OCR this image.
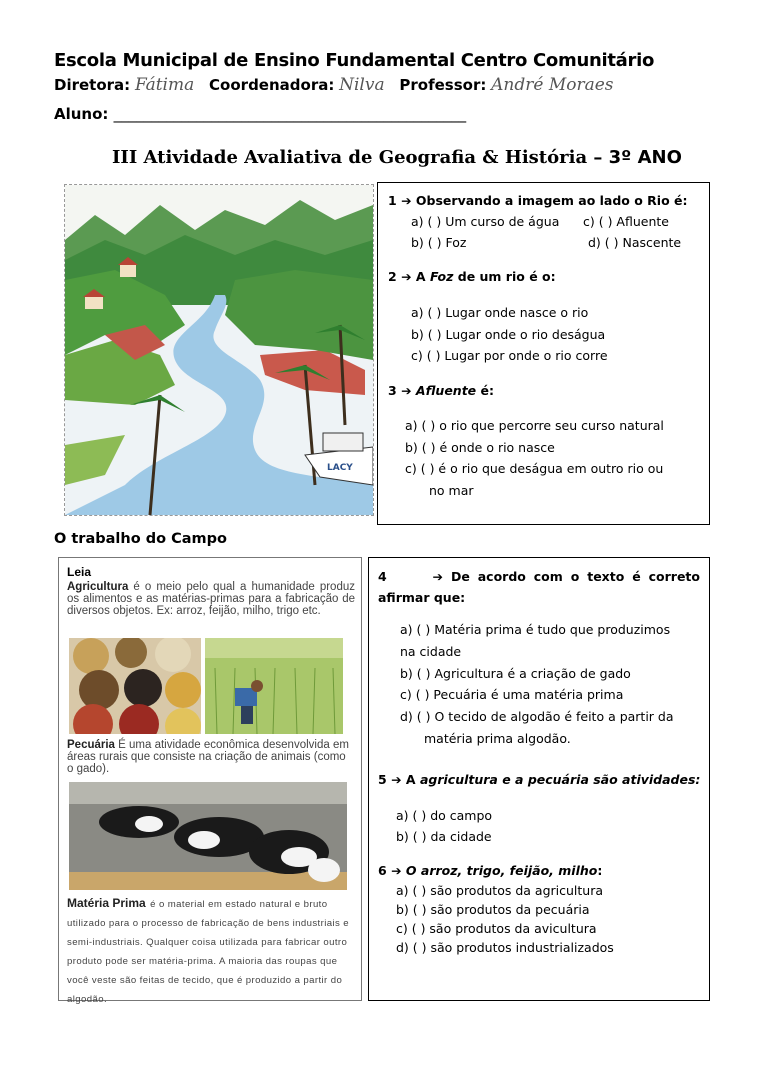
Escola Municipal de Ensino Fundamental Centro Comunitário
Diretora: Fátima Coordenadora: Nilva Professor: André Moraes
Aluno: _______________________________________________
III Atividade Avaliativa de Geografia & História – 3º ANO
LACY
1 ➔ Observando a imagem ao lado o Rio é:
a) ( ) Um curso de água c) ( ) Afluente
b) ( ) Foz	d) ( ) Nascente
2 ➔ A Foz de um rio é o:
a) ( ) Lugar onde nasce o rio
b) ( ) Lugar onde o rio deságua
c) ( ) Lugar por onde o rio corre
3 ➔ Afluente é:
a) ( ) o rio que percorre seu curso natural
b) ( ) é onde o rio nasce
c) ( ) é o rio que deságua em outro rio ou
no mar
O trabalho do Campo
Leia
Agricultura é o meio pelo qual a humanidade produz os alimentos e as matérias-primas para a fabricação de diversos objetos. Ex: arroz, feijão, milho, trigo etc.
Pecuária É uma atividade econômica desenvolvida em áreas rurais que consiste na criação de animais (como o gado).
Matéria Prima é o material em estado natural e bruto utilizado para o processo de fabricação de bens industriais e semi-industriais. Qualquer coisa utilizada para fabricar outro produto pode ser matéria-prima. A maioria das roupas que você veste são feitas de tecido, que é produzido a partir do algodão.
4	➔ De acordo com o texto é correto afirmar que:
a) ( ) Matéria prima é tudo que produzimos
na cidade
b) ( ) Agricultura é a criação de gado
c) ( ) Pecuária é uma matéria prima
d) ( ) O tecido de algodão é feito a partir da
matéria prima algodão.
5 ➔ A agricultura e a pecuária são atividades:
a) ( ) do campo
b) ( ) da cidade
6 ➔ O arroz, trigo, feijão, milho:
a) ( ) são produtos da agricultura
b) ( ) são produtos da pecuária
c) ( ) são produtos da avicultura
d) ( ) são produtos industrializados
